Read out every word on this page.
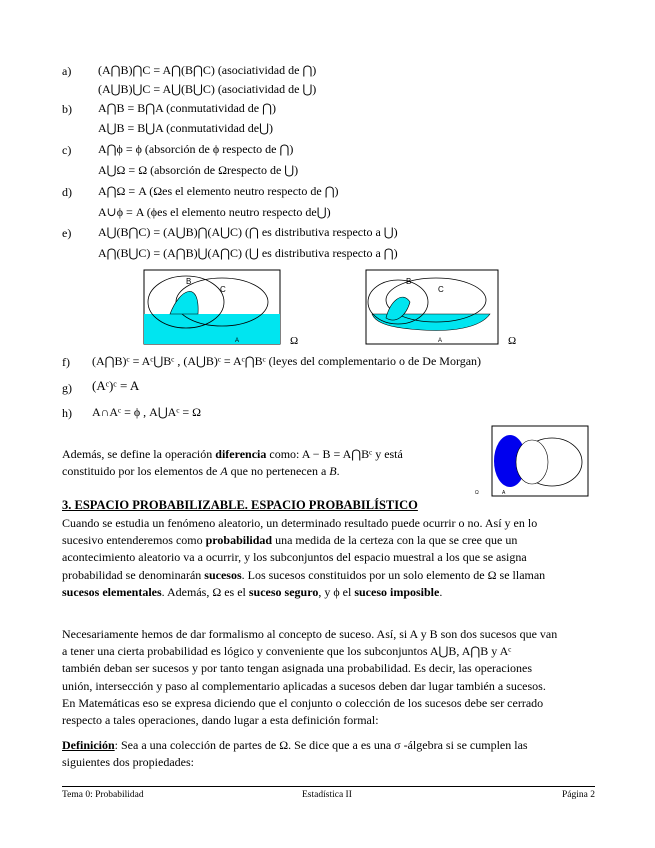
a) (A⋂B)⋂C = A⋂(B⋂C) (asociatividad de ⋂)
(A⋃B)⋃C = A⋃(B⋃C) (asociatividad de ⋃)
b) A⋂B = B⋂A (conmutatividad de ⋂)
A⋃B = B⋃A (conmutatividad de⋃)
c) A⋂ϕ = ϕ (absorción de ϕ respecto de ⋂)
A⋃Ω = Ω (absorción de Ωrespecto de ⋃)
d) A⋂Ω = A (Ωes el elemento neutro respecto de ⋂)
A∪ϕ = A (ϕes el elemento neutro respecto de⋃)
e) A⋃(B⋂C) = (A⋃B)⋂(A⋃C) (⋂ es distributiva respecto a ⋃)
A⋂(B⋃C) = (A⋂B)⋃(A⋂C) (⋃ es distributiva respecto a ⋂)
B
C
A	Ω
B
C
A	Ω
f) (A⋂B)ᶜ = Aᶜ⋃Bᶜ , (A⋃B)ᶜ = Aᶜ⋂Bᶜ (leyes del complementario o de De Morgan)
g) (Aᶜ)ᶜ = A
h) A∩Aᶜ = ϕ , A⋃Aᶜ = Ω
Además, se define la operación diferencia como: A − B = A⋂Bᶜ y está
constituido por los elementos de A que no pertenecen a B.
Ω	A
3. ESPACIO PROBABILIZABLE. ESPACIO PROBABILÍSTICO

Cuando se estudia un fenómeno aleatorio, un determinado resultado puede ocurrir o no. Así y en lo

sucesivo entenderemos como probabilidad una medida de la certeza con la que se cree que un

acontecimiento aleatorio va a ocurrir, y los subconjuntos del espacio muestral a los que se asigna

probabilidad se denominarán sucesos. Los sucesos constituidos por un solo elemento de Ω se llaman

sucesos elementales. Además, Ω es el suceso seguro, y ϕ el suceso imposible.

Necesariamente hemos de dar formalismo al concepto de suceso. Así, si A y B son dos sucesos que van

a tener una cierta probabilidad es lógico y conveniente que los subconjuntos A⋃B, A⋂B y Aᶜ

también deban ser sucesos y por tanto tengan asignada una probabilidad. Es decir, las operaciones

unión, intersección y paso al complementario aplicadas a sucesos deben dar lugar también a sucesos.

En Matemáticas eso se expresa diciendo que el conjunto o colección de los sucesos debe ser cerrado

respecto a tales operaciones, dando lugar a esta definición formal:

Definición: Sea a una colección de partes de Ω. Se dice que a es una σ -álgebra si se cumplen las

siguientes dos propiedades:

Tema 0: Probabilidad	Estadística II	Página 2
